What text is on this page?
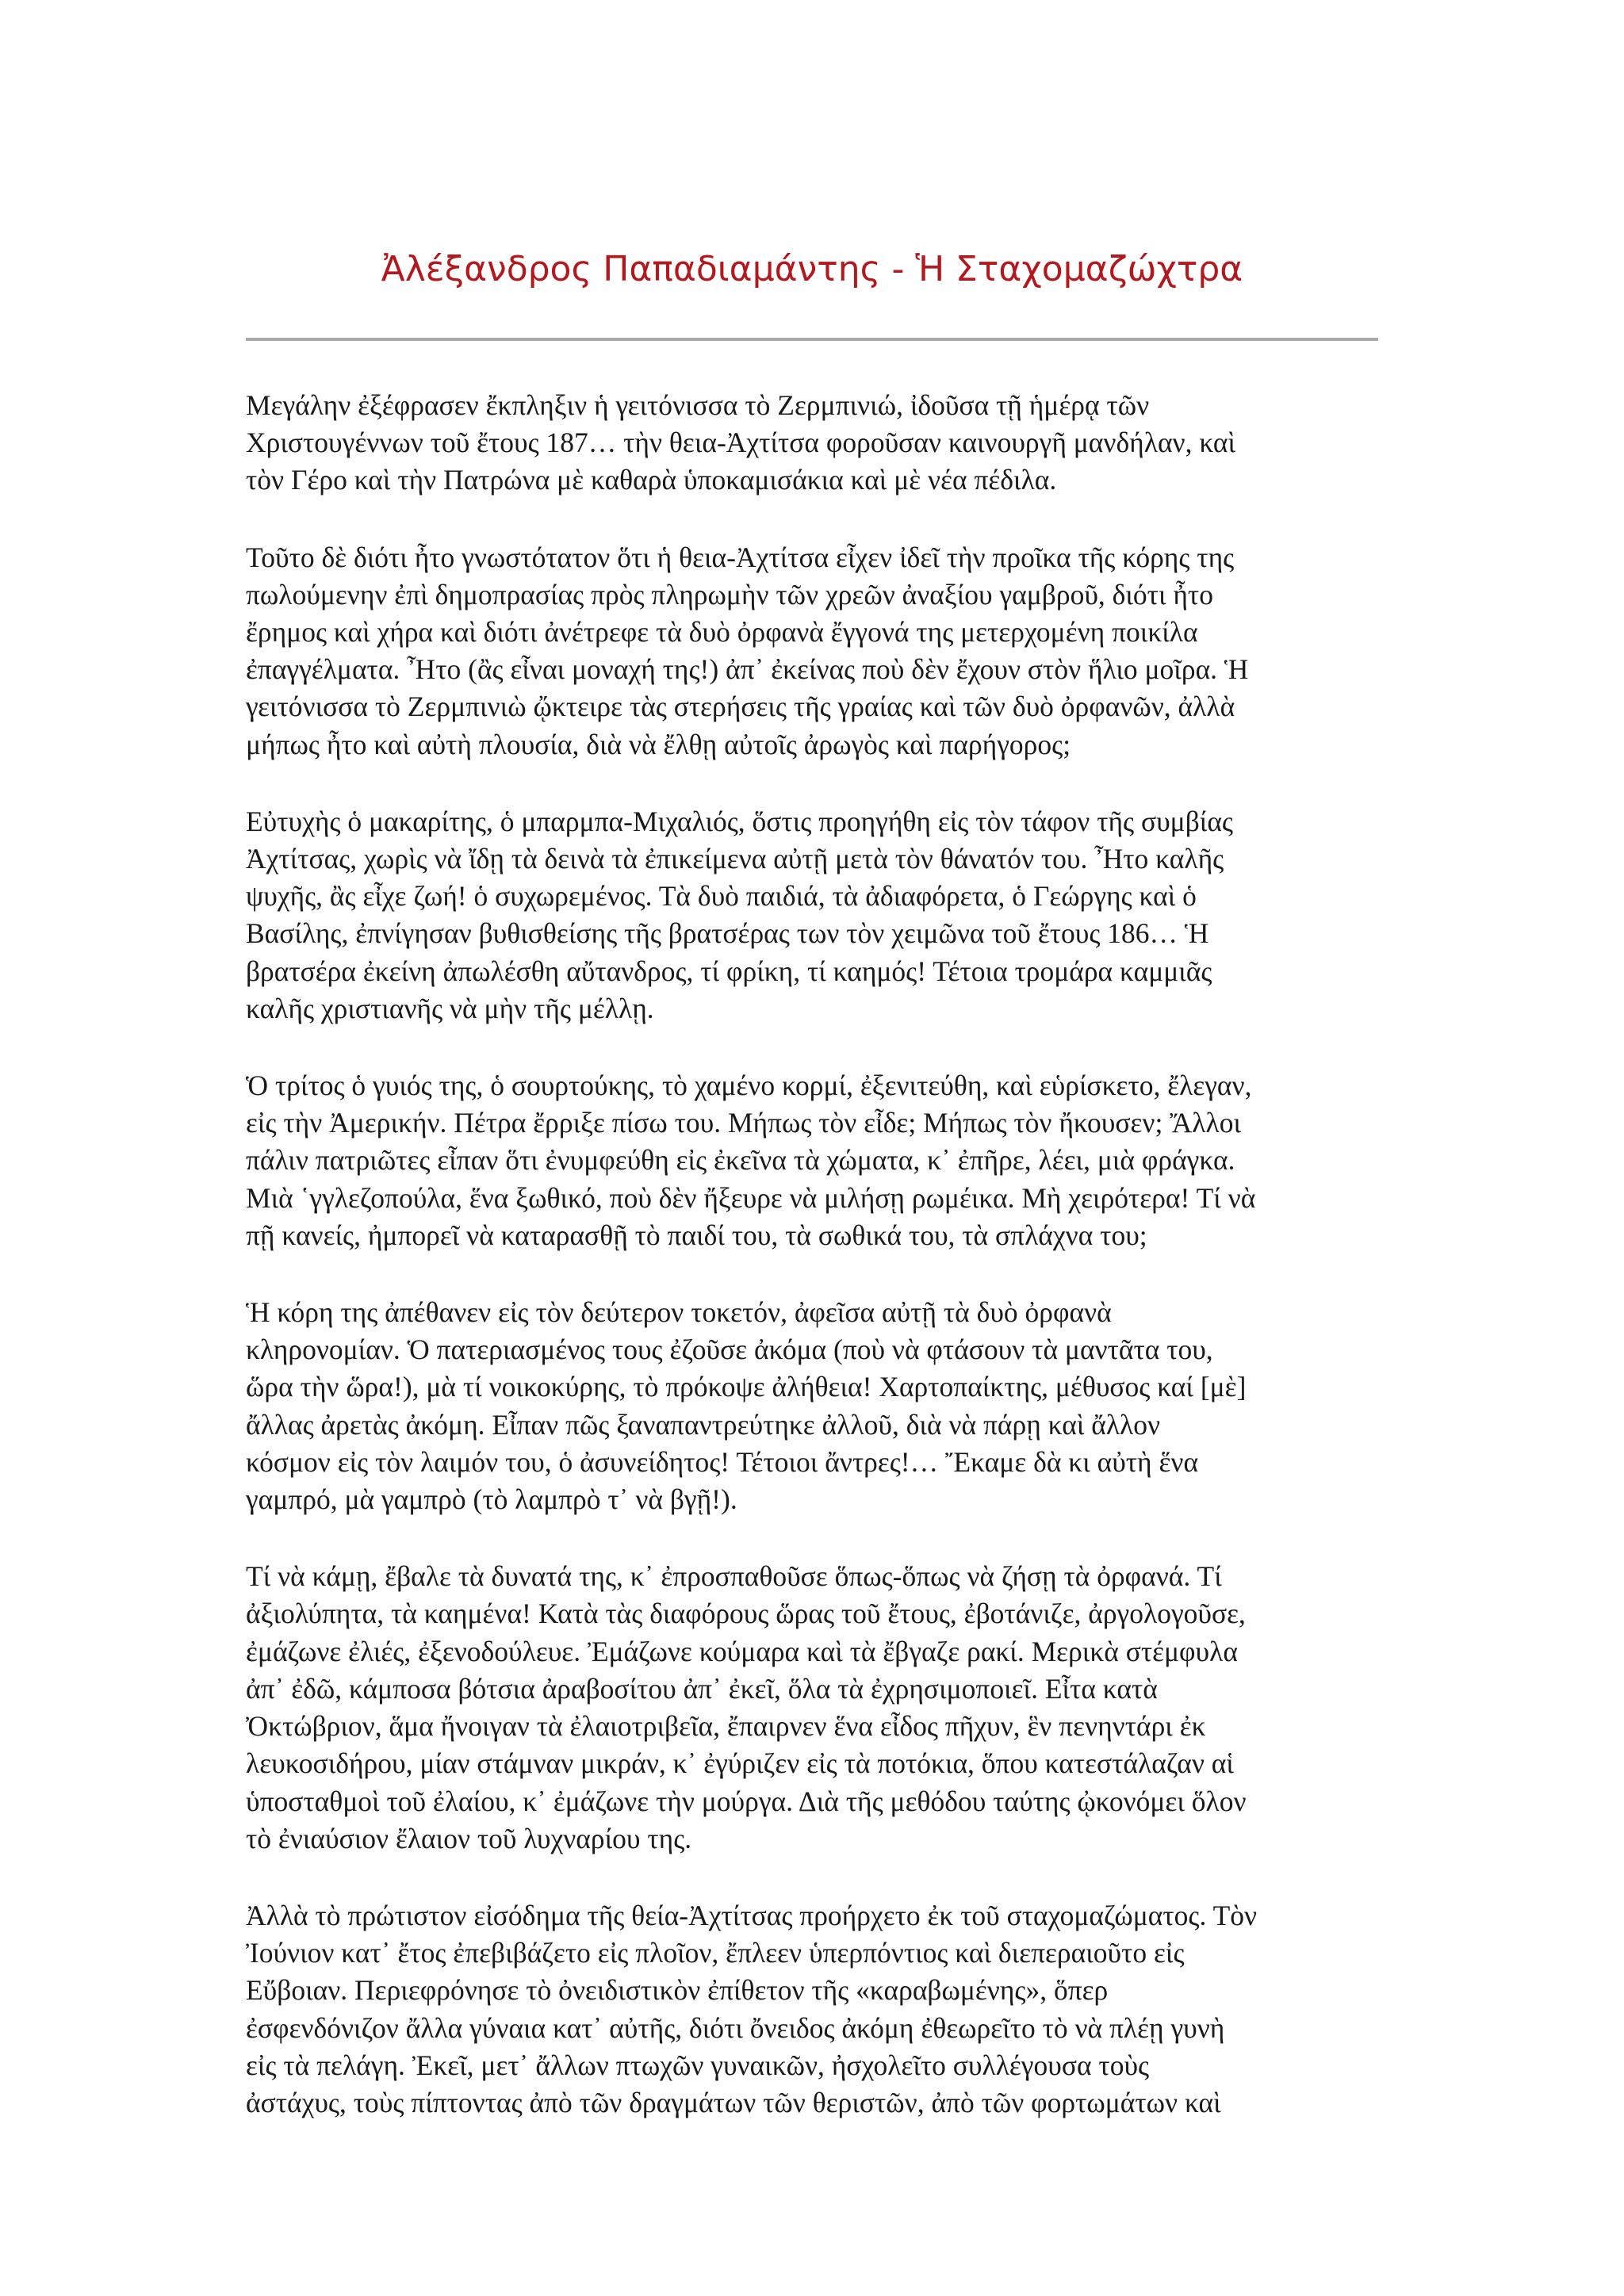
Ἀλέξανδρος Παπαδιαμάντης - Ἡ Σταχομαζώχτρα

Μεγάλην ἐξέφρασεν ἔκπληξιν ἡ γειτόνισσα τὸ Ζερμπινιώ, ἰδοῦσα τῇ ἡμέρᾳ τῶν
Χριστουγέννων τοῦ ἔτους 187… τὴν θεια-Ἀχτίτσα φοροῦσαν καινουργῆ μανδήλαν, καὶ
τὸν Γέρο καὶ τὴν Πατρώνα μὲ καθαρὰ ὑποκαμισάκια καὶ μὲ νέα πέδιλα.

Τοῦτο δὲ διότι ἦτο γνωστότατον ὅτι ἡ θεια-Ἀχτίτσα εἶχεν ἰδεῖ τὴν προῖκα τῆς κόρης της
πωλούμενην ἐπὶ δημοπρασίας πρὸς πληρωμὴν τῶν χρεῶν ἀναξίου γαμβροῦ, διότι ἦτο
ἔρημος καὶ χήρα καὶ διότι ἀνέτρεφε τὰ δυὸ ὀρφανὰ ἔγγονά της μετερχομένη ποικίλα
ἐπαγγέλματα. Ἦτο (ἂς εἶναι μοναχή της!) ἀπ᾽ ἐκείνας ποὺ δὲν ἔχουν στὸν ἥλιο μοῖρα. Ἡ
γειτόνισσα τὸ Ζερμπινιὼ ᾤκτειρε τὰς στερήσεις τῆς γραίας καὶ τῶν δυὸ ὀρφανῶν, ἀλλὰ
μήπως ἦτο καὶ αὐτὴ πλουσία, διὰ νὰ ἔλθῃ αὐτοῖς ἀρωγὸς καὶ παρήγορος;

Εὐτυχὴς ὁ μακαρίτης, ὁ μπαρμπα-Μιχαλιός, ὅστις προηγήθη εἰς τὸν τάφον τῆς συμβίας
Ἀχτίτσας, χωρὶς νὰ ἴδῃ τὰ δεινὰ τὰ ἐπικείμενα αὐτῇ μετὰ τὸν θάνατόν του. Ἦτο καλῆς
ψυχῆς, ἂς εἶχε ζωή! ὁ συχωρεμένος. Τὰ δυὸ παιδιά, τὰ ἀδιαφόρετα, ὁ Γεώργης καὶ ὁ
Βασίλης, ἐπνίγησαν βυθισθείσης τῆς βρατσέρας των τὸν χειμῶνα τοῦ ἔτους 186… Ἡ
βρατσέρα ἐκείνη ἀπωλέσθη αὔτανδρος, τί φρίκη, τί καημός! Τέτοια τρομάρα καμμιᾶς
καλῆς χριστιανῆς νὰ μὴν τῆς μέλλῃ.

Ὁ τρίτος ὁ γυιός της, ὁ σουρτούκης, τὸ χαμένο κορμί, ἐξενιτεύθη, καὶ εὑρίσκετο, ἔλεγαν,
εἰς τὴν Ἀμερικήν. Πέτρα ἔρριξε πίσω του. Μήπως τὸν εἶδε; Μήπως τὸν ἤκουσεν; Ἄλλοι
πάλιν πατριῶτες εἶπαν ὅτι ἐνυμφεύθη εἰς ἐκεῖνα τὰ χώματα, κ᾽ ἐπῆρε, λέει, μιὰ φράγκα.
Μιὰ ῾γγλεζοπούλα, ἕνα ξωθικό, ποὺ δὲν ἤξευρε νὰ μιλήσῃ ρωμέικα. Μὴ χειρότερα! Τί νὰ
πῇ κανείς, ἠμπορεῖ νὰ καταρασθῇ τὸ παιδί του, τὰ σωθικά του, τὰ σπλάχνα του;

Ἡ κόρη της ἀπέθανεν εἰς τὸν δεύτερον τοκετόν, ἀφεῖσα αὐτῇ τὰ δυὸ ὀρφανὰ
κληρονομίαν. Ὁ πατεριασμένος τους ἐζοῦσε ἀκόμα (ποὺ νὰ φτάσουν τὰ μαντᾶτα του,
ὥρα τὴν ὥρα!), μὰ τί νοικοκύρης, τὸ πρόκοψε ἀλήθεια! Χαρτοπαίκτης, μέθυσος καί [μὲ]
ἄλλας ἀρετὰς ἀκόμη. Εἶπαν πῶς ξαναπαντρεύτηκε ἀλλοῦ, διὰ νὰ πάρῃ καὶ ἄλλον
κόσμον εἰς τὸν λαιμόν του, ὁ ἀσυνείδητος! Τέτοιοι ἄντρες!… Ἔκαμε δὰ κι αὐτὴ ἕνα
γαμπρό, μὰ γαμπρὸ (τὸ λαμπρὸ τ᾽ νὰ βγῇ!).

Τί νὰ κάμῃ, ἔβαλε τὰ δυνατά της, κ᾽ ἐπροσπαθοῦσε ὅπως-ὅπως νὰ ζήσῃ τὰ ὀρφανά. Τί
ἀξιολύπητα, τὰ καημένα! Κατὰ τὰς διαφόρους ὥρας τοῦ ἔτους, ἐβοτάνιζε, ἀργολογοῦσε,
ἐμάζωνε ἐλιές, ἐξενοδούλευε. Ἐμάζωνε κούμαρα καὶ τὰ ἔβγαζε ρακί. Μερικὰ στέμφυλα
ἀπ᾽ ἐδῶ, κάμποσα βότσια ἀραβοσίτου ἀπ᾽ ἐκεῖ, ὅλα τὰ ἐχρησιμοποιεῖ. Εἶτα κατὰ
Ὀκτώβριον, ἅμα ἤνοιγαν τὰ ἐλαιοτριβεῖα, ἔπαιρνεν ἕνα εἶδος πῆχυν, ἓν πενηντάρι ἐκ
λευκοσιδήρου, μίαν στάμναν μικράν, κ᾽ ἐγύριζεν εἰς τὰ ποτόκια, ὅπου κατεστάλαζαν αἱ
ὑποσταθμοὶ τοῦ ἐλαίου, κ᾽ ἐμάζωνε τὴν μούργα. Διὰ τῆς μεθόδου ταύτης ᾠκονόμει ὅλον
τὸ ἐνιαύσιον ἔλαιον τοῦ λυχναρίου της.

Ἀλλὰ τὸ πρώτιστον εἰσόδημα τῆς θεία-Ἀχτίτσας προήρχετο ἐκ τοῦ σταχομαζώματος. Τὸν
Ἰούνιον κατ᾽ ἔτος ἐπεβιβάζετο εἰς πλοῖον, ἔπλεεν ὑπερπόντιος καὶ διεπεραιοῦτο εἰς
Εὔβοιαν. Περιεφρόνησε τὸ ὀνειδιστικὸν ἐπίθετον τῆς «καραβωμένης», ὅπερ
ἐσφενδόνιζον ἄλλα γύναια κατ᾽ αὐτῆς, διότι ὄνειδος ἀκόμη ἐθεωρεῖτο τὸ νὰ πλέῃ γυνὴ
εἰς τὰ πελάγη. Ἐκεῖ, μετ᾽ ἄλλων πτωχῶν γυναικῶν, ἠσχολεῖτο συλλέγουσα τοὺς
ἀστάχυς, τοὺς πίπτοντας ἀπὸ τῶν δραγμάτων τῶν θεριστῶν, ἀπὸ τῶν φορτωμάτων καὶ
